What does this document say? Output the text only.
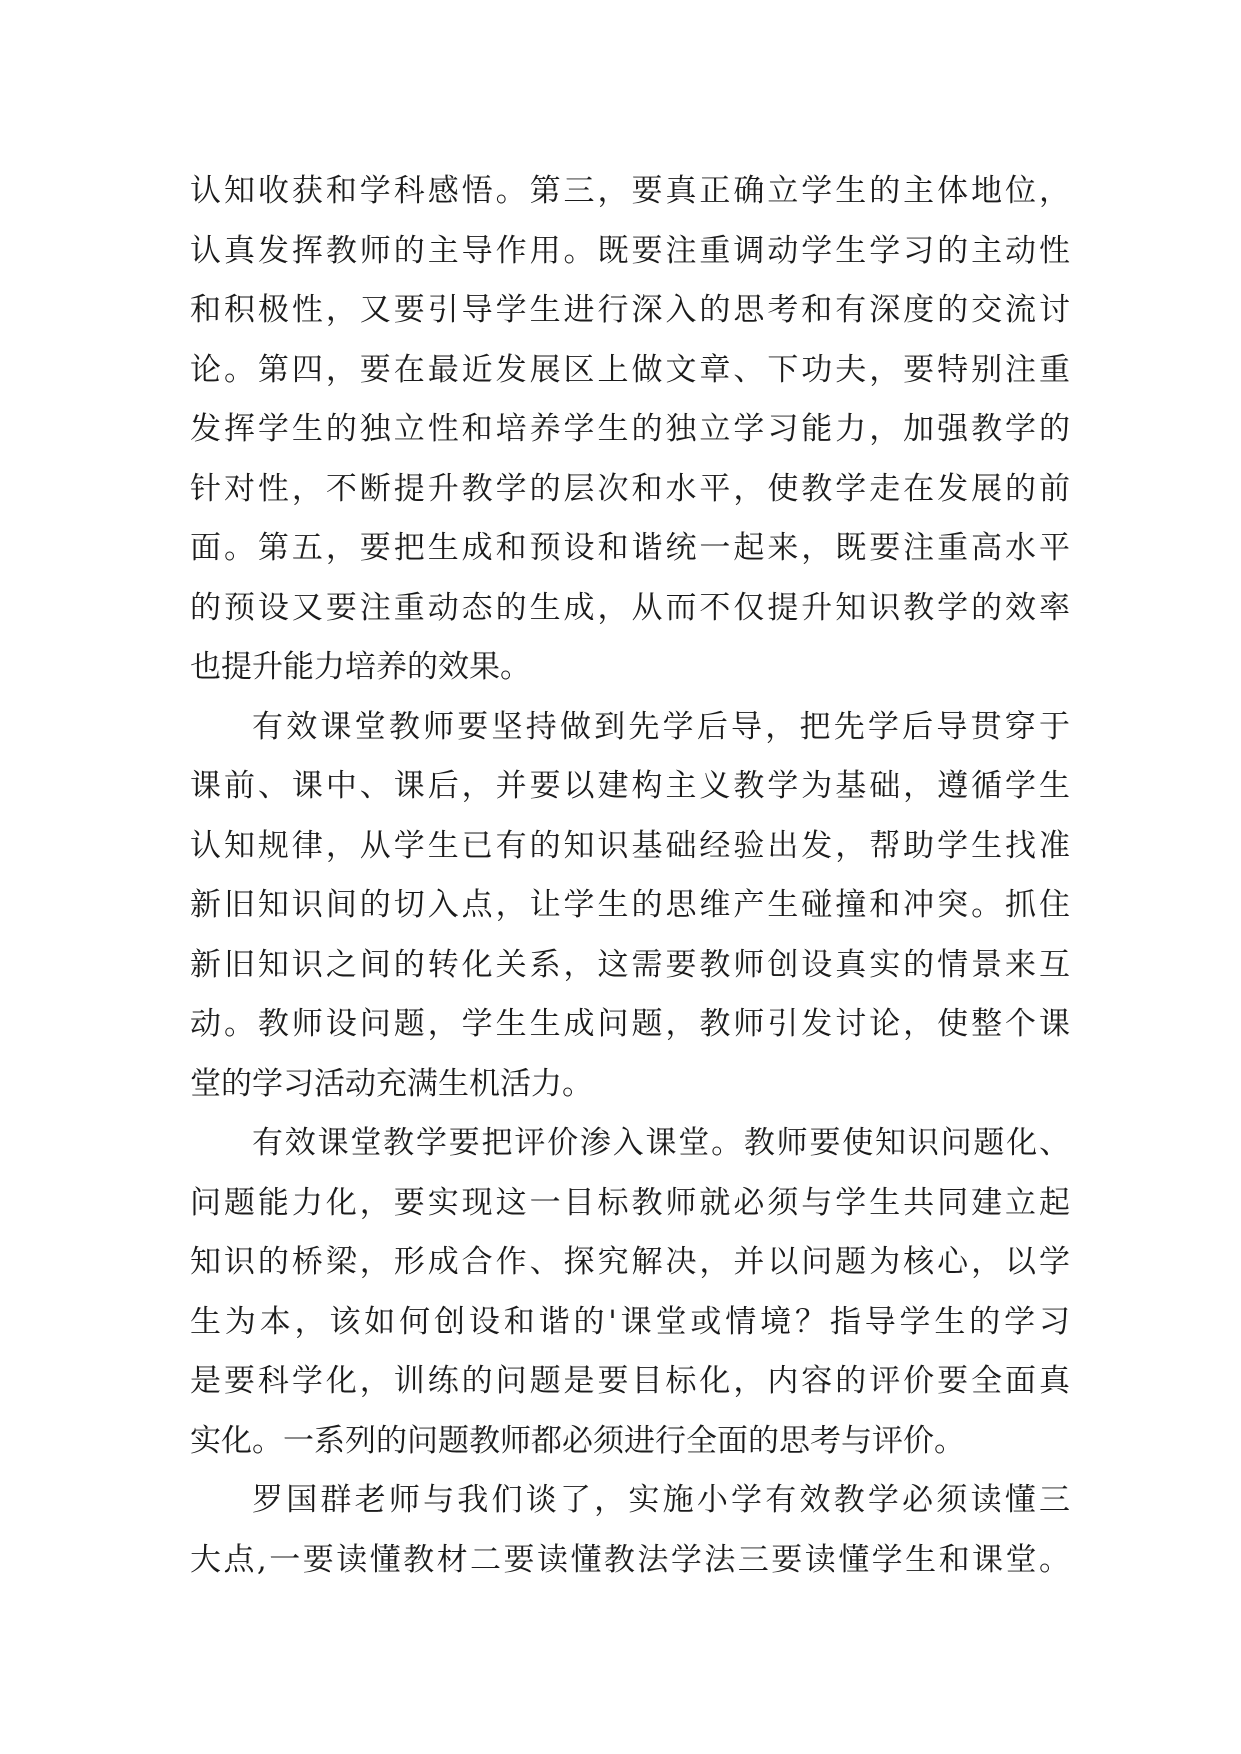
认知收获和学科感悟。第三，要真正确立学生的主体地位，
认真发挥教师的主导作用。既要注重调动学生学习的主动性
和积极性，又要引导学生进行深入的思考和有深度的交流讨
论。第四，要在最近发展区上做文章、下功夫，要特别注重
发挥学生的独立性和培养学生的独立学习能力，加强教学的
针对性，不断提升教学的层次和水平，使教学走在发展的前
面。第五，要把生成和预设和谐统一起来，既要注重高水平
的预设又要注重动态的生成，从而不仅提升知识教学的效率
也提升能力培养的效果。
有效课堂教师要坚持做到先学后导，把先学后导贯穿于
课前、课中、课后，并要以建构主义教学为基础，遵循学生
认知规律，从学生已有的知识基础经验出发，帮助学生找准
新旧知识间的切入点，让学生的思维产生碰撞和冲突。抓住
新旧知识之间的转化关系，这需要教师创设真实的情景来互
动。教师设问题，学生生成问题，教师引发讨论，使整个课
堂的学习活动充满生机活力。
有效课堂教学要把评价渗入课堂。教师要使知识问题化、
问题能力化，要实现这一目标教师就必须与学生共同建立起
知识的桥梁，形成合作、探究解决，并以问题为核心，以学
生为本，该如何创设和谐的'课堂或情境？指导学生的学习
是要科学化，训练的问题是要目标化，内容的评价要全面真
实化。一系列的问题教师都必须进行全面的思考与评价。
罗国群老师与我们谈了，实施小学有效教学必须读懂三
大点,一要读懂教材二要读懂教法学法三要读懂学生和课堂。
